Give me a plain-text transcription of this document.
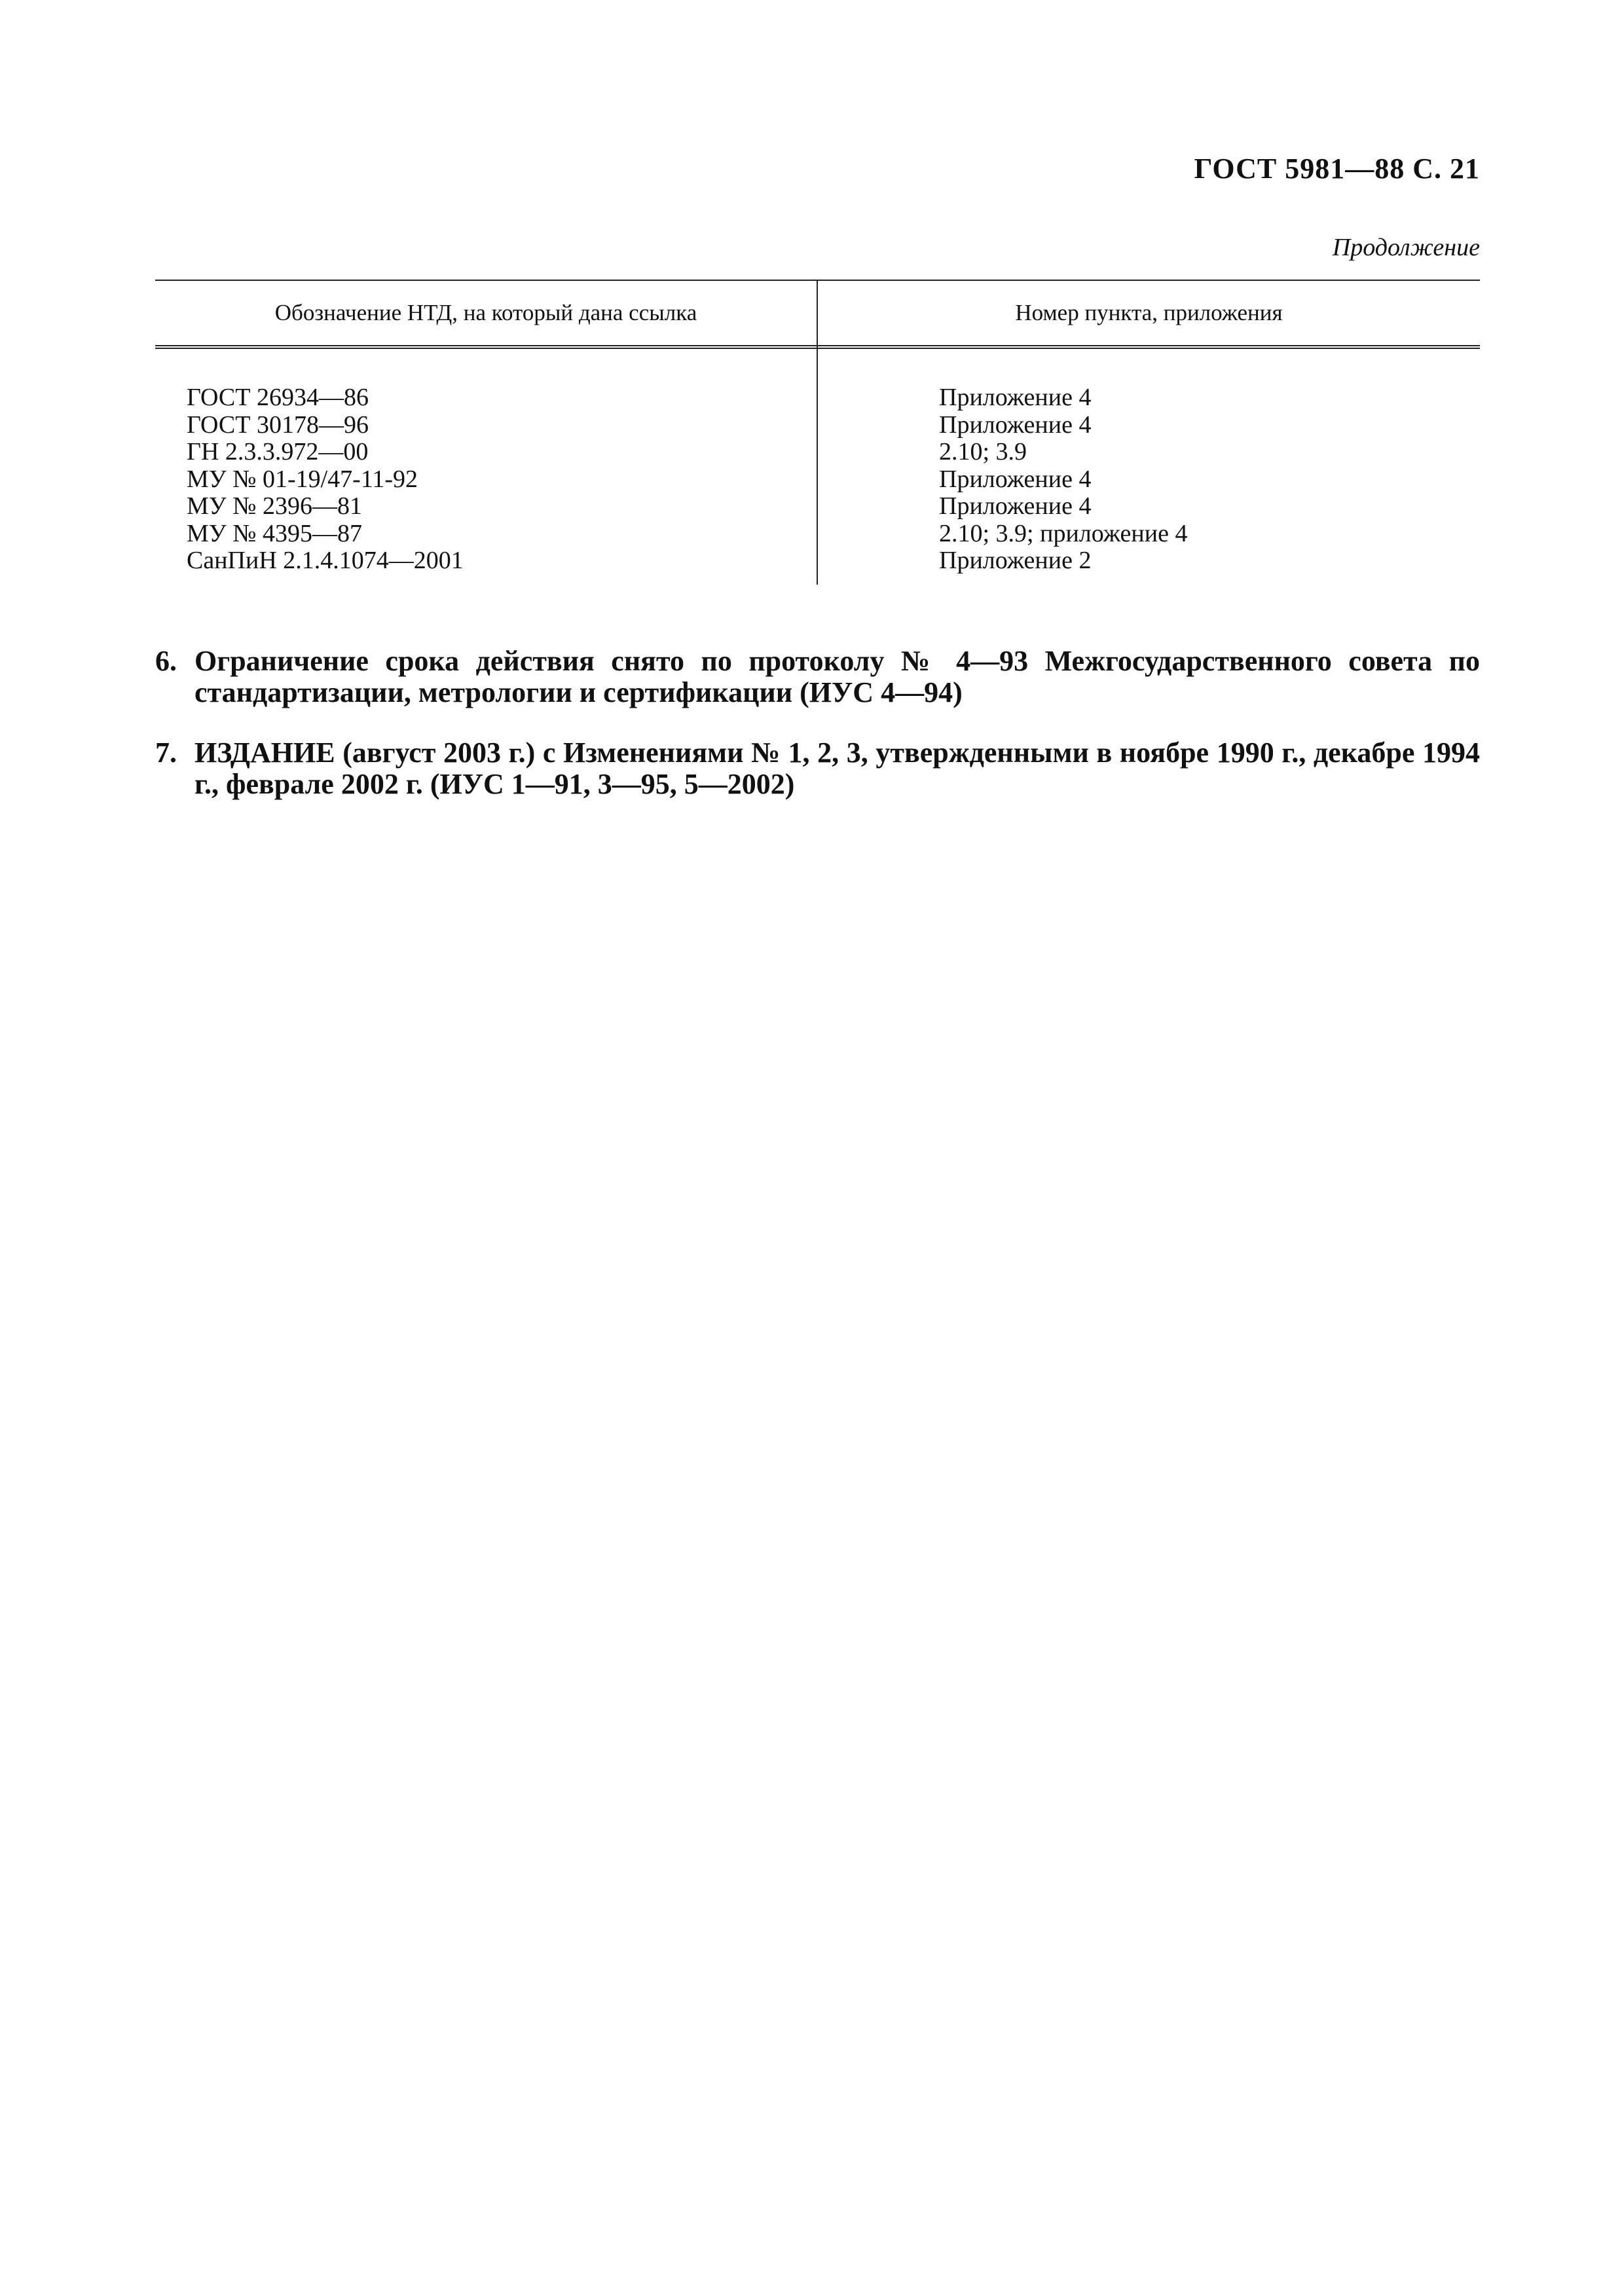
ГОСТ 5981—88 С. 21
Продолжение
Обозначение НТД, на который дана ссылка	Номер пункта, приложения
ГОСТ 26934—86	Приложение 4
ГОСТ 30178—96	Приложение 4
ГН 2.3.3.972—00	2.10; 3.9
МУ № 01-19/47-11-92	Приложение 4
МУ № 2396—81	Приложение 4
МУ № 4395—87	2.10; 3.9; приложение 4
СанПиН 2.1.4.1074—2001	Приложение 2
6. Ограничение срока действия снято по протоколу № 4—93 Межгосударственного совета по стандартизации, метрологии и сертификации (ИУС 4—94)
7. ИЗДАНИЕ (август 2003 г.) с Изменениями № 1, 2, 3, утвержденными в ноябре 1990 г., декабре 1994 г., феврале 2002 г. (ИУС 1—91, 3—95, 5—2002)
